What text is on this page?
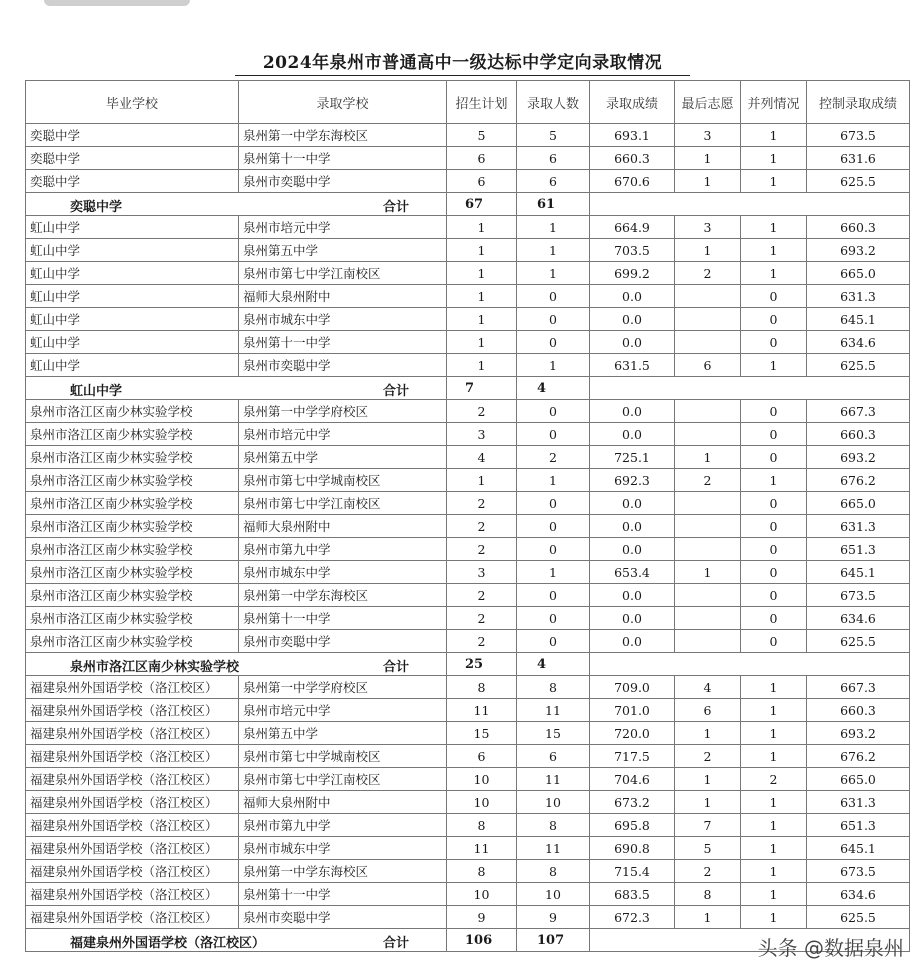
2024年泉州市普通高中一级达标中学定向录取情况
毕业学校	录取学校	招生计划	录取人数	录取成绩	最后志愿	并列情况	控制录取成绩
奕聪中学	泉州第一中学东海校区	5	5	693.1	3	1	673.5
奕聪中学	泉州第十一中学	6	6	660.3	1	1	631.6
奕聪中学	泉州市奕聪中学	6	6	670.6	1	1	625.5

奕聪中学 合计		67	61				
虹山中学	泉州市培元中学	1	1	664.9	3	1	660.3
虹山中学	泉州第五中学	1	1	703.5	1	1	693.2
虹山中学	泉州市第七中学江南校区	1	1	699.2	2	1	665.0
虹山中学	福师大泉州附中	1	0	0.0		0	631.3
虹山中学	泉州市城东中学	1	0	0.0		0	645.1
虹山中学	泉州第十一中学	1	0	0.0		0	634.6
虹山中学	泉州市奕聪中学	1	1	631.5	6	1	625.5

虹山中学 合计		7	4				
泉州市洛江区南少林实验学校	泉州第一中学学府校区	2	0	0.0		0	667.3
泉州市洛江区南少林实验学校	泉州市培元中学	3	0	0.0		0	660.3
泉州市洛江区南少林实验学校	泉州第五中学	4	2	725.1	1	0	693.2
泉州市洛江区南少林实验学校	泉州市第七中学城南校区	1	1	692.3	2	1	676.2
泉州市洛江区南少林实验学校	泉州市第七中学江南校区	2	0	0.0		0	665.0
泉州市洛江区南少林实验学校	福师大泉州附中	2	0	0.0		0	631.3
泉州市洛江区南少林实验学校	泉州市第九中学	2	0	0.0		0	651.3
泉州市洛江区南少林实验学校	泉州市城东中学	3	1	653.4	1	0	645.1
泉州市洛江区南少林实验学校	泉州第一中学东海校区	2	0	0.0		0	673.5
泉州市洛江区南少林实验学校	泉州第十一中学	2	0	0.0		0	634.6
泉州市洛江区南少林实验学校	泉州市奕聪中学	2	0	0.0		0	625.5

泉州市洛江区南少林实验学校 合计		25	4				
福建泉州外国语学校（洛江校区）	泉州第一中学学府校区	8	8	709.0	4	1	667.3
福建泉州外国语学校（洛江校区）	泉州市培元中学	11	11	701.0	6	1	660.3
福建泉州外国语学校（洛江校区）	泉州第五中学	15	15	720.0	1	1	693.2
福建泉州外国语学校（洛江校区）	泉州市第七中学城南校区	6	6	717.5	2	1	676.2
福建泉州外国语学校（洛江校区）	泉州市第七中学江南校区	10	11	704.6	1	2	665.0
福建泉州外国语学校（洛江校区）	福师大泉州附中	10	10	673.2	1	1	631.3
福建泉州外国语学校（洛江校区）	泉州市第九中学	8	8	695.8	7	1	651.3
福建泉州外国语学校（洛江校区）	泉州市城东中学	11	11	690.8	5	1	645.1
福建泉州外国语学校（洛江校区）	泉州第一中学东海校区	8	8	715.4	2	1	673.5
福建泉州外国语学校（洛江校区）	泉州第十一中学	10	10	683.5	8	1	634.6
福建泉州外国语学校（洛江校区）	泉州市奕聪中学	9	9	672.3	1	1	625.5

福建泉州外国语学校（洛江校区） 合计		106	107					头条 @数据泉州
